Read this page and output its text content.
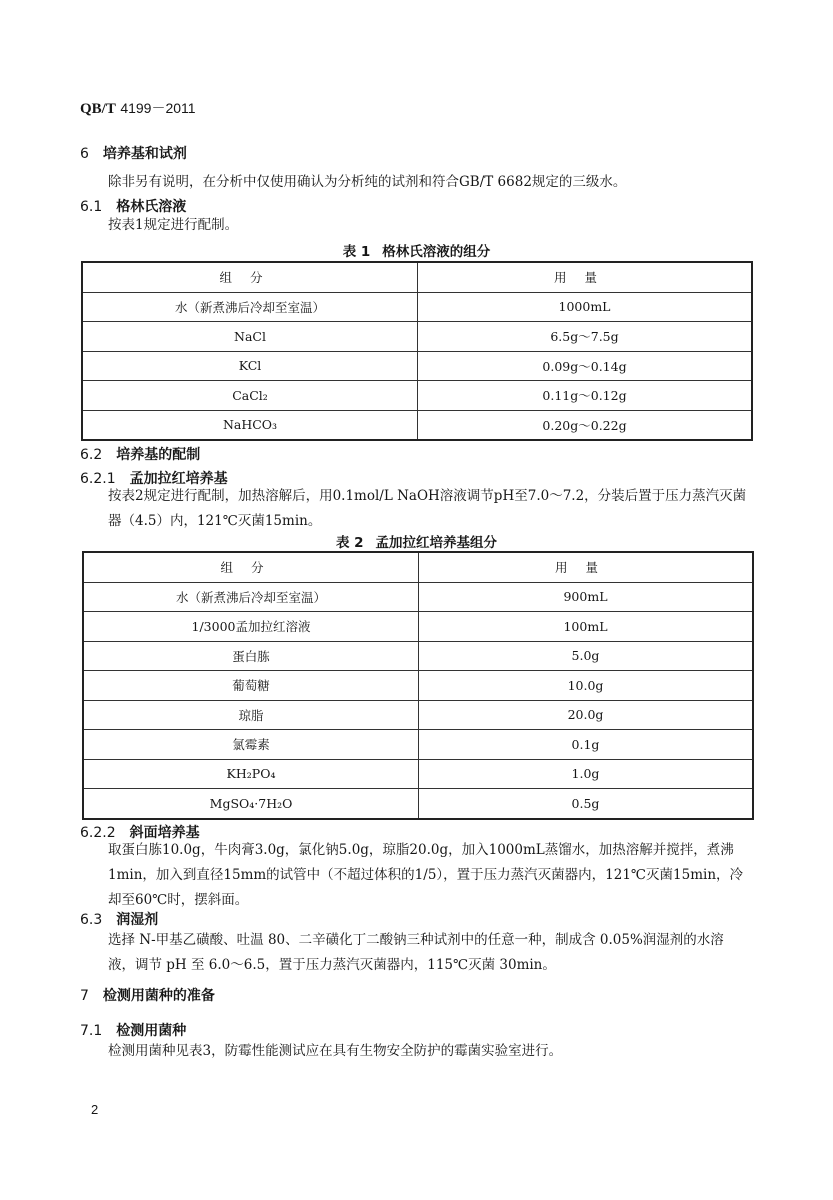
QB/T 4199－2011
6 培养基和试剂
除非另有说明，在分析中仅使用确认为分析纯的试剂和符合GB/T 6682规定的三级水。
6.1 格林氏溶液
按表1规定进行配制。
表 1 格林氏溶液的组分
组分	用量
水（新煮沸后冷却至室温）	1000mL
NaCl	6.5g～7.5g
KCl	0.09g～0.14g
CaCl₂	0.11g～0.12g
NaHCO₃	0.20g～0.22g
6.2 培养基的配制
6.2.1 孟加拉红培养基
按表2规定进行配制，加热溶解后，用0.1mol/L NaOH溶液调节pH至7.0～7.2，分装后置于压力蒸汽灭菌器（4.5）内，121℃灭菌15min。
表 2 孟加拉红培养基组分
组分	用量
水（新煮沸后冷却至室温）	900mL
1/3000孟加拉红溶液	100mL
蛋白胨	5.0g
葡萄糖	10.0g
琼脂	20.0g
氯霉素	0.1g
KH₂PO₄	1.0g
MgSO₄·7H₂O	0.5g
6.2.2 斜面培养基
取蛋白胨10.0g，牛肉膏3.0g，氯化钠5.0g，琼脂20.0g，加入1000mL蒸馏水，加热溶解并搅拌，煮沸1min，加入到直径15mm的试管中（不超过体积的1/5），置于压力蒸汽灭菌器内，121℃灭菌15min，冷却至60℃时，摆斜面。
6.3 润湿剂
选择 N-甲基乙磺酸、吐温 80、二辛磺化丁二酸钠三种试剂中的任意一种，制成含 0.05%润湿剂的水溶液，调节 pH 至 6.0～6.5，置于压力蒸汽灭菌器内，115℃灭菌 30min。
7 检测用菌种的准备
7.1 检测用菌种
检测用菌种见表3，防霉性能测试应在具有生物安全防护的霉菌实验室进行。
2
